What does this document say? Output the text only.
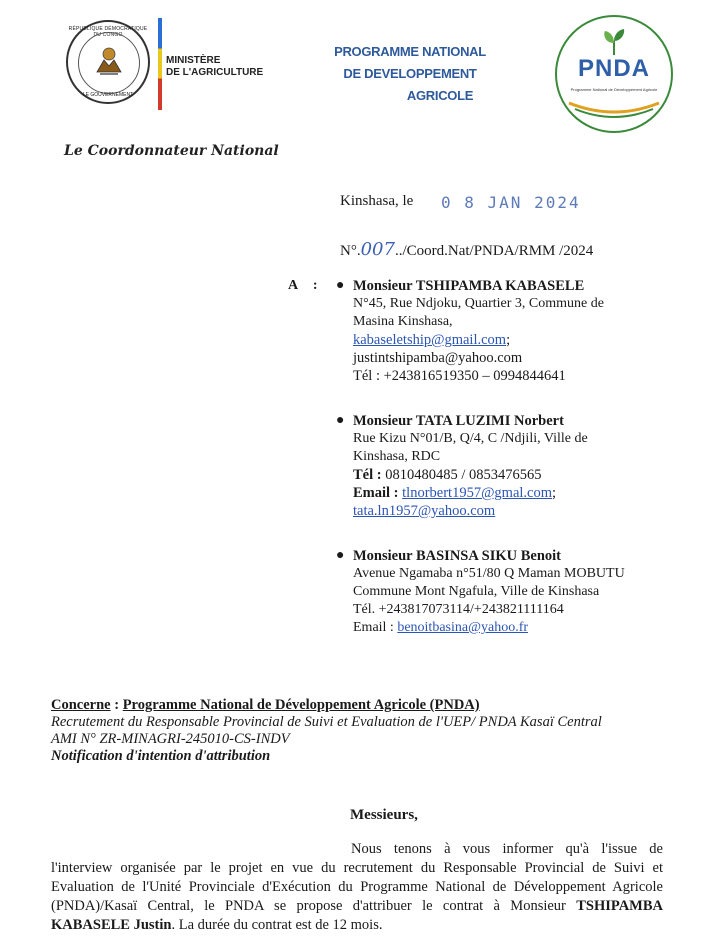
RÉPUBLIQUE DÉMOCRATIQUE DU CONGO
LE GOUVERNEMENT
MINISTÈRE
DE L'AGRICULTURE
PROGRAMME NATIONAL
DE DEVELOPPEMENT
AGRICOLE
PNDA
Programme National de Développement Agricole
Le Coordonnateur National
Kinshasa, le 0 8 JAN 2024
N°.007../Coord.Nat/PNDA/RMM /2024
A : ● Monsieur TSHIPAMBA KABASELE
N°45, Rue Ndjoku, Quartier 3, Commune de
Masina Kinshasa,
kabaseletship@gmail.com;
justintshipamba@yahoo.com
Tél : +243816519350 – 0994844641
● Monsieur TATA LUZIMI Norbert
Rue Kizu N°01/B, Q/4, C /Ndjili, Ville de
Kinshasa, RDC
Tél : 0810480485 / 0853476565
Email : tlnorbert1957@gmal.com;
tata.ln1957@yahoo.com
● Monsieur BASINSA SIKU Benoit
Avenue Ngamaba n°51/80 Q Maman MOBUTU
Commune Mont Ngafula, Ville de Kinshasa
Tél. +243817073114/+243821111164
Email : benoitbasina@yahoo.fr
Concerne : Programme National de Développement Agricole (PNDA)
Recrutement du Responsable Provincial de Suivi et Evaluation de l'UEP/ PNDA Kasaï Central
AMI N° ZR-MINAGRI-245010-CS-INDV
Notification d'intention d'attribution
Messieurs,
Nous tenons à vous informer qu'à l'issue de l'interview organisée par le projet en vue du recrutement du Responsable Provincial de Suivi et Evaluation de l'Unité Provinciale d'Exécution du Programme National de Développement Agricole (PNDA)/Kasaï Central, le PNDA se propose d'attribuer le contrat à Monsieur TSHIPAMBA KABASELE Justin. La durée du contrat est de 12 mois.
